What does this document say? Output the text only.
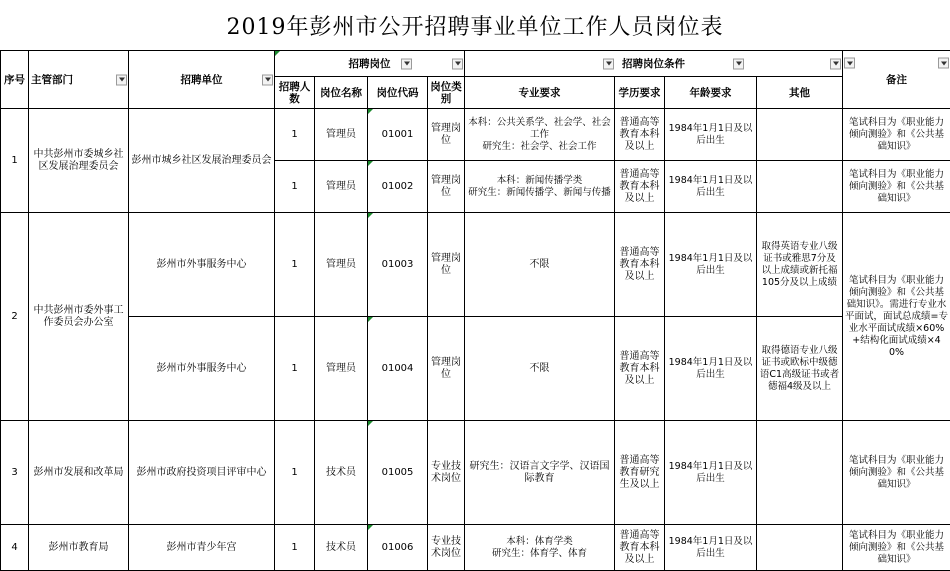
2019年彭州市公开招聘事业单位工作人员岗位表
序号	主管部门	招聘单位	招聘岗位				招聘岗位条件				备注
			招聘人数	岗位名称	岗位代码	岗位类别	专业要求	学历要求	年龄要求	其他	
1	中共彭州市委城乡社区发展治理委员会	彭州市城乡社区发展治理委员会	1	管理员	01001	管理岗位	本科：公共关系学、社会学、社会工作
研究生：社会学、社会工作	普通高等教育本科及以上	1984年1月1日及以后出生		笔试科目为《职业能力倾向测验》和《公共基础知识》
			1	管理员	01002	管理岗位	本科：新闻传播学类
研究生：新闻传播学、新闻与传播	普通高等教育本科及以上	1984年1月1日及以后出生		笔试科目为《职业能力倾向测验》和《公共基础知识》
2	中共彭州市委外事工作委员会办公室	彭州市外事服务中心	1	管理员	01003	管理岗位	不限	普通高等教育本科及以上	1984年1月1日及以后出生	取得英语专业八级证书或雅思7分及以上成绩或新托福105分及以上成绩	笔试科目为《职业能力倾向测验》和《公共基础知识》。需进行专业水平面试，面试总成绩=专业水平面试成绩×60%+结构化面试成绩×40%
		彭州市外事服务中心	1	管理员	01004	管理岗位	不限	普通高等教育本科及以上	1984年1月1日及以后出生	取得德语专业八级证书或欧标中级德语C1高级证书或者德福4级及以上	
3	彭州市发展和改革局	彭州市政府投资项目评审中心	1	技术员	01005	专业技术岗位	研究生：汉语言文字学、汉语国际教育	普通高等教育研究生及以上	1984年1月1日及以后出生		笔试科目为《职业能力倾向测验》和《公共基础知识》
4	彭州市教育局	彭州市青少年宫	1	技术员	01006	专业技术岗位	本科：体育学类
研究生：体育学、体育	普通高等教育本科及以上	1984年1月1日及以后出生		笔试科目为《职业能力倾向测验》和《公共基础知识》
